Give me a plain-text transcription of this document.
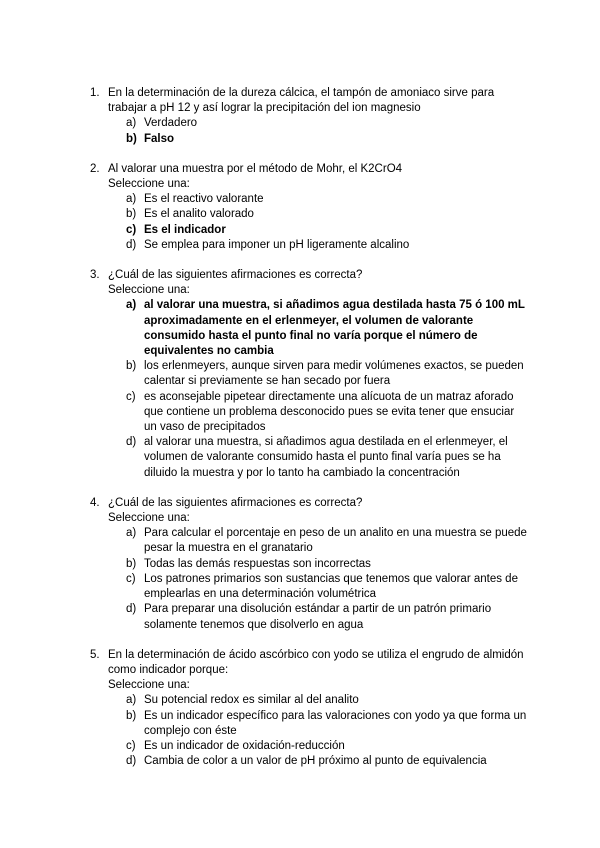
1. En la determinación de la dureza cálcica, el tampón de amoniaco sirve para trabajar a pH 12 y así lograr la precipitación del ion magnesio
a) Verdadero
b) Falso
2. Al valorar una muestra por el método de Mohr, el K2CrO4
Seleccione una:
a) Es el reactivo valorante
b) Es el analito valorado
c) Es el indicador
d) Se emplea para imponer un pH ligeramente alcalino
3. ¿Cuál de las siguientes afirmaciones es correcta?
Seleccione una:
a) al valorar una muestra, si añadimos agua destilada hasta 75 ó 100 mL aproximadamente en el erlenmeyer, el volumen de valorante consumido hasta el punto final no varía porque el número de equivalentes no cambia
b) los erlenmeyers, aunque sirven para medir volúmenes exactos, se pueden calentar si previamente se han secado por fuera
c) es aconsejable pipetear directamente una alícuota de un matraz aforado que contiene un problema desconocido pues se evita tener que ensuciar un vaso de precipitados
d) al valorar una muestra, si añadimos agua destilada en el erlenmeyer, el volumen de valorante consumido hasta el punto final varía pues se ha diluido la muestra y por lo tanto ha cambiado la concentración
4. ¿Cuál de las siguientes afirmaciones es correcta?
Seleccione una:
a) Para calcular el porcentaje en peso de un analito en una muestra se puede pesar la muestra en el granatario
b) Todas las demás respuestas son incorrectas
c) Los patrones primarios son sustancias que tenemos que valorar antes de emplearlas en una determinación volumétrica
d) Para preparar una disolución estándar a partir de un patrón primario solamente tenemos que disolverlo en agua
5. En la determinación de ácido ascórbico con yodo se utiliza el engrudo de almidón como indicador porque:
Seleccione una:
a) Su potencial redox es similar al del analito
b) Es un indicador específico para las valoraciones con yodo ya que forma un complejo con éste
c) Es un indicador de oxidación-reducción
d) Cambia de color a un valor de pH próximo al punto de equivalencia
